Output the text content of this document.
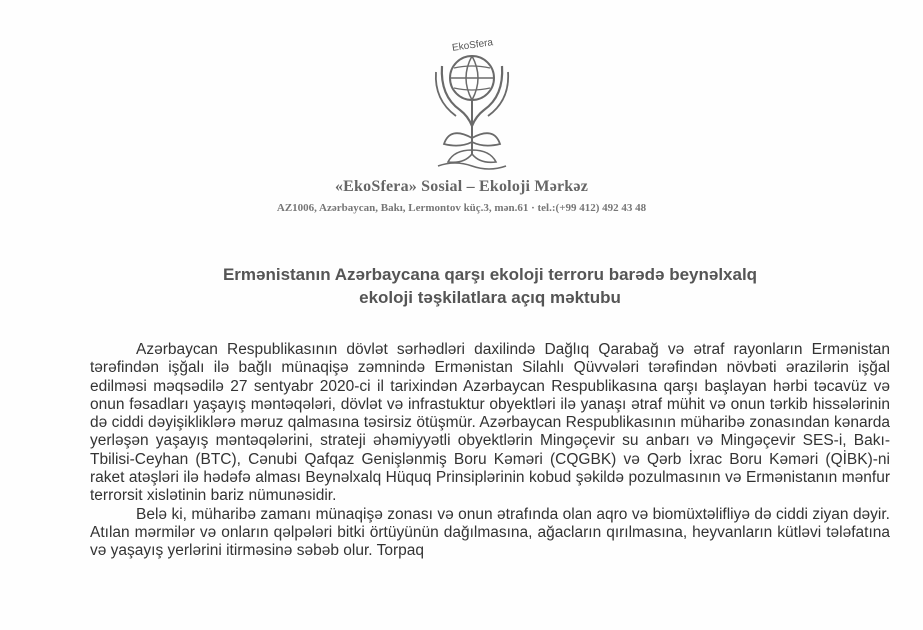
EkoSfera
«EkoSfera» Sosial – Ekoloji Mərkəz
AZ1006, Azərbaycan, Bakı, Lermontov küç.3, mən.61 · tel.:(+99 412) 492 43 48
Ermənistanın Azərbaycana qarşı ekoloji terroru barədə beynəlxalq
ekoloji təşkilatlara açıq məktubu

Azərbaycan Respublikasının dövlət sərhədləri daxilində Dağlıq Qarabağ və ətraf rayonların Ermənistan tərəfindən işğalı ilə bağlı münaqişə zəmnində Ermənistan Silahlı Qüvvələri tərəfindən növbəti ərazilərin işğal edilməsi məqsədilə 27 sentyabr 2020-ci il tarixindən Azərbaycan Respublikasına qarşı başlayan hərbi təcavüz və onun fəsadları yaşayış məntəqələri, dövlət və infrastuktur obyektləri ilə yanaşı ətraf mühit və onun tərkib hissələrinin də ciddi dəyişikliklərə məruz qalmasına təsirsiz ötüşmür. Azərbaycan Respublikasının müharibə zonasından kənarda yerləşən yaşayış məntəqələrini, strateji əhəmiyyətli obyektlərin Mingəçevir su anbarı və Mingəçevir SES-i, Bakı-Tbilisi-Ceyhan (BTC), Cənubi Qafqaz Genişlənmiş Boru Kəməri (CQGBK) və Qərb İxrac Boru Kəməri (QİBK)-ni raket atəşləri ilə hədəfə alması Beynəlxalq Hüquq Prinsiplərinin kobud şəkildə pozulmasının və Ermənistanın mənfur terrorsit xislətinin bariz nümunəsidir.

Belə ki, müharibə zamanı münaqişə zonası və onun ətrafında olan aqro və biomüxtəlifliyə də ciddi ziyan dəyir. Atılan mərmilər və onların qəlpələri bitki örtüyünün dağılmasına, ağacların qırılmasına, heyvanların kütləvi tələfatına və yaşayış yerlərini itirməsinə səbəb olur. Torpaq
